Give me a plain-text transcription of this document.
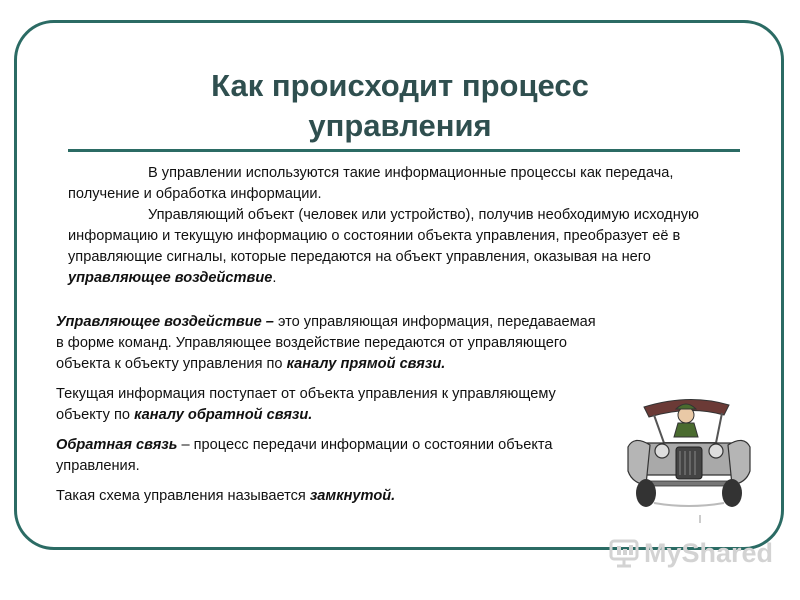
Как происходит процесс
управления

В управлении используются такие информационные процессы как передача, получение и обработка информации.

Управляющий объект (человек или устройство), получив необходимую исходную информацию и текущую информацию о состоянии объекта управления, преобразует её в управляющие сигналы, которые передаются на объект управления, оказывая на него управляющее воздействие.

Управляющее воздействие – это управляющая информация, передаваемая в форме команд. Управляющее воздействие передаются от управляющего объекта к объекту управления по каналу прямой связи.

Текущая информация поступает от объекта управления к управляющему объекту по каналу обратной связи.

Обратная связь – процесс передачи информации о состоянии объекта управления.

Такая схема управления называется замкнутой.

MyShared
